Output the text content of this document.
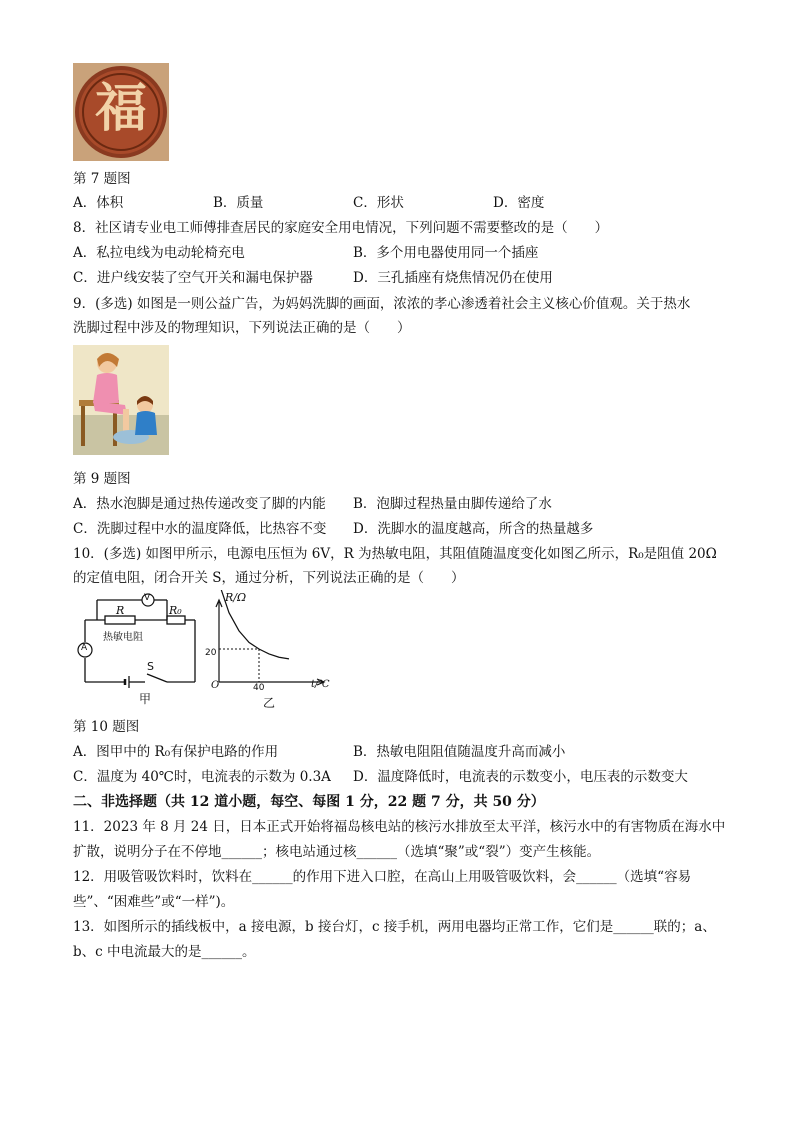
福
第 7 题图
A．体积	B．质量	C．形状	D．密度
8．社区请专业电工师傅排查居民的家庭安全用电情况，下列问题不需要整改的是（　　）
A．私拉电线为电动轮椅充电	B．多个用电器使用同一个插座
C．进户线安装了空气开关和漏电保护器	D．三孔插座有烧焦情况仍在使用
9．(多选) 如图是一则公益广告，为妈妈洗脚的画面，浓浓的孝心渗透着社会主义核心价值观。关于热水
洗脚过程中涉及的物理知识，下列说法正确的是（　　）
第 9 题图
A．热水泡脚是通过热传递改变了脚的内能 B．泡脚过程热量由脚传递给了水
C．洗脚过程中水的温度降低，比热容不变 D．洗脚水的温度越高，所含的热量越多
10．(多选) 如图甲所示，电源电压恒为 6V，R 为热敏电阻，其阻值随温度变化如图乙所示，R₀是阻值 20Ω
的定值电阻，闭合开关 S，通过分析，下列说法正确的是（　　）
V
A
R	R₀
热敏电阻
S
甲
R/Ω
t/℃
O
20
40
乙
第 10 题图
A．图甲中的 R₀有保护电路的作用	B．热敏电阻阻值随温度升高而减小
C．温度为 40℃时，电流表的示数为 0.3A D．温度降低时，电流表的示数变小，电压表的示数变大
二、非选择题（共 12 道小题，每空、每图 1 分，22 题 7 分，共 50 分）
11．2023 年 8 月 24 日，日本正式开始将福岛核电站的核污水排放至太平洋，核污水中的有害物质在海水中
扩散，说明分子在不停地______；核电站通过核______（选填“聚”或“裂”）变产生核能。
12．用吸管吸饮料时，饮料在______的作用下进入口腔，在高山上用吸管吸饮料，会______（选填“容易
些”、“困难些”或“一样”)。
13．如图所示的插线板中，a 接电源，b 接台灯，c 接手机，两用电器均正常工作，它们是______联的；a、
b、c 中电流最大的是______。
